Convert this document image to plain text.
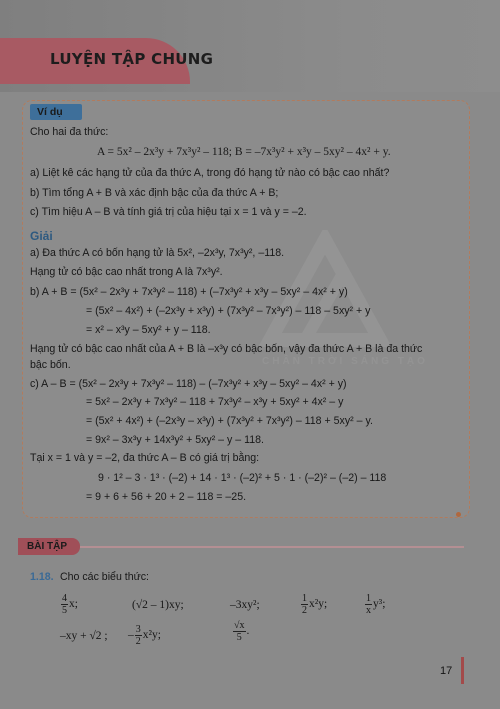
LUYỆN TẬP CHUNG
Ví dụ
Cho hai đa thức:
A = 5x² – 2x³y + 7x³y² – 118; B = –7x³y² + x³y – 5xy² – 4x² + y.
a) Liệt kê các hạng tử của đa thức A, trong đó hạng tử nào có bậc cao nhất?
b) Tìm tổng A + B và xác định bậc của đa thức A + B;
c) Tìm hiệu A – B và tính giá trị của hiệu tại x = 1 và y = –2.
Giải
a) Đa thức A có bốn hạng tử là 5x², –2x³y, 7x³y², –118.
Hạng tử có bậc cao nhất trong A là 7x³y².
b) A + B = (5x² – 2x³y + 7x³y² – 118) + (–7x³y² + x³y – 5xy² – 4x² + y)
= (5x² – 4x²) + (–2x³y + x³y) + (7x³y² – 7x³y²) – 118 – 5xy² + y
= x² – x³y – 5xy² + y – 118.
Hạng tử có bậc cao nhất của A + B là –x³y có bậc bốn, vậy đa thức A + B là đa thức
bậc bốn.
c) A – B = (5x² – 2x³y + 7x³y² – 118) – (–7x³y² + x³y – 5xy² – 4x² + y)
= 5x² – 2x³y + 7x³y² – 118 + 7x³y² – x³y + 5xy² + 4x² – y
= (5x² + 4x²) + (–2x³y – x³y) + (7x³y² + 7x³y²) – 118 + 5xy² – y.
= 9x² – 3x³y + 14x³y² + 5xy² – y – 118.
Tại x = 1 và y = –2, đa thức A – B có giá trị bằng:
9 · 1² – 3 · 1³ · (–2) + 14 · 1³ · (–2)² + 5 · 1 · (–2)² – (–2) – 118
= 9 + 6 + 56 + 20 + 2 – 118 = –25.
CHÂN TRỜI SÁNG TẠO
BÀI TẬP
1.18. Cho các biểu thức:
$\frac{4}{5} x$;	(√2 – 1)xy;	–3xy²;	$\frac{1}{2} x^2y$;	$\frac{1}{x} y^3$;
–xy + √2 ; – $\frac{3}{2} x^2y$;	$\frac{√x}{5}$ .
17
